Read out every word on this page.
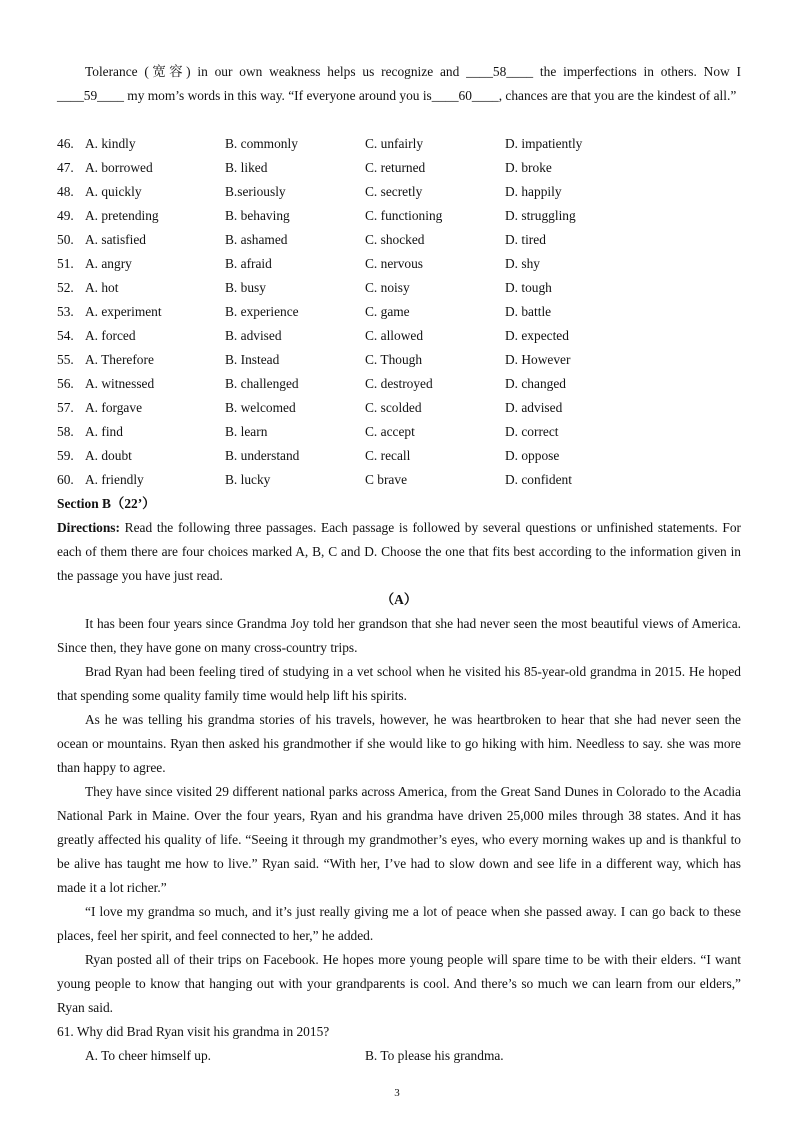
Tolerance (宽容) in our own weakness helps us recognize and ____58____ the imperfections in others. Now I ____59____ my mom’s words in this way. “If everyone around you is____60____, chances are that you are the kindest of all.”
46. A. kindly	B. commonly	C. unfairly	D. impatiently
47. A. borrowed	B. liked	C. returned	D. broke
48. A. quickly	B.seriously	C. secretly	D. happily
49. A. pretending	B. behaving	C. functioning	D. struggling
50. A. satisfied	B. ashamed	C. shocked	D. tired
51. A. angry	B. afraid	C. nervous	D. shy
52. A. hot	B. busy	C. noisy	D. tough
53. A. experiment	B. experience	C. game	D. battle
54. A. forced	B. advised	C. allowed	D. expected
55. A. Therefore	B. Instead	C. Though	D. However
56. A. witnessed	B. challenged	C. destroyed	D. changed
57. A. forgave	B. welcomed	C. scolded	D. advised
58. A. find	B. learn	C. accept	D. correct
59. A. doubt	B. understand	C. recall	D. oppose
60. A. friendly	B. lucky	C brave	D. confident
Section B（22’）
Directions: Read the following three passages. Each passage is followed by several questions or unfinished statements. For each of them there are four choices marked A, B, C and D. Choose the one that fits best according to the information given in the passage you have just read.
（A）
It has been four years since Grandma Joy told her grandson that she had never seen the most beautiful views of America. Since then, they have gone on many cross-country trips.
Brad Ryan had been feeling tired of studying in a vet school when he visited his 85-year-old grandma in 2015. He hoped that spending some quality family time would help lift his spirits.
As he was telling his grandma stories of his travels, however, he was heartbroken to hear that she had never seen the ocean or mountains. Ryan then asked his grandmother if she would like to go hiking with him. Needless to say. she was more than happy to agree.
They have since visited 29 different national parks across America, from the Great Sand Dunes in Colorado to the Acadia National Park in Maine. Over the four years, Ryan and his grandma have driven 25,000 miles through 38 states. And it has greatly affected his quality of life. “Seeing it through my grandmother’s eyes, who every morning wakes up and is thankful to be alive has taught me how to live.” Ryan said. “With her, I’ve had to slow down and see life in a different way, which has made it a lot richer.”
“I love my grandma so much, and it’s just really giving me a lot of peace when she passed away. I can go back to these places, feel her spirit, and feel connected to her,” he added.
Ryan posted all of their trips on Facebook. He hopes more young people will spare time to be with their elders. “I want young people to know that hanging out with your grandparents is cool. And there’s so much we can learn from our elders,” Ryan said.
61. Why did Brad Ryan visit his grandma in 2015?
A. To cheer himself up.	B. To please his grandma.
3
